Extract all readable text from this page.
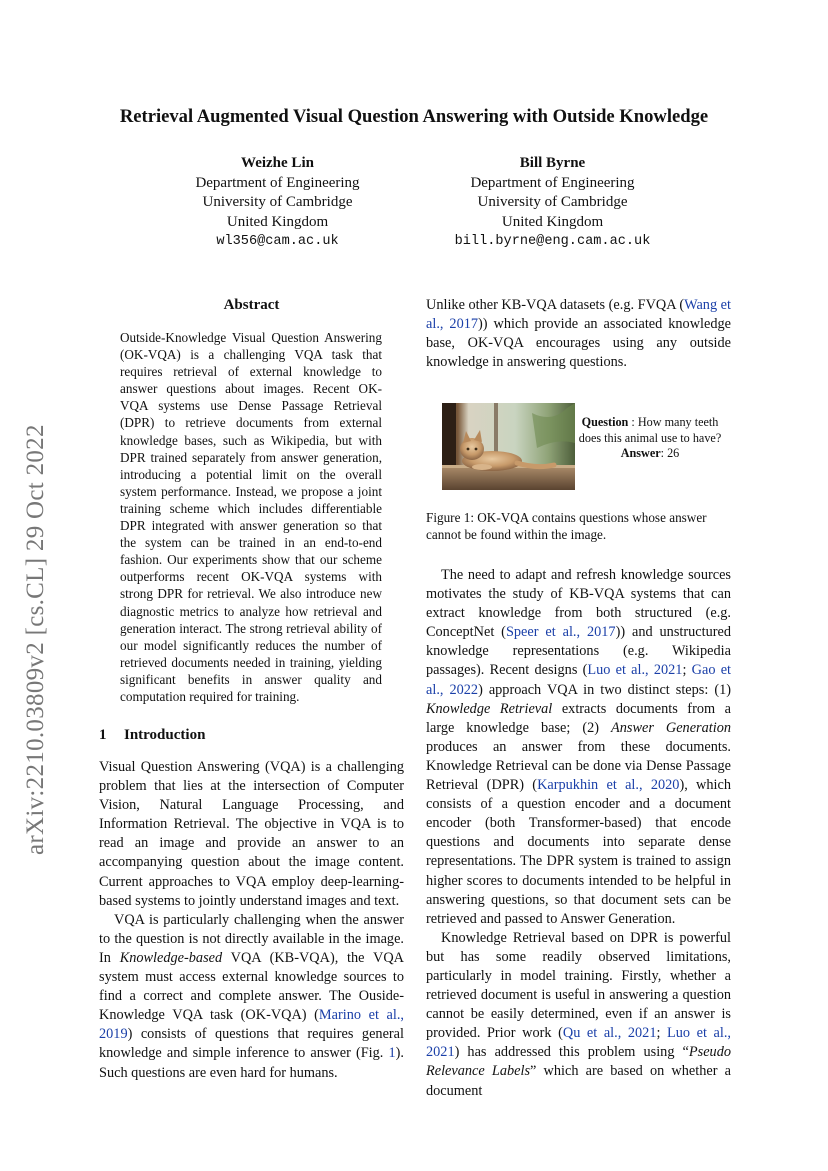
Retrieval Augmented Visual Question Answering with Outside Knowledge
Weizhe Lin
Department of Engineering
University of Cambridge
United Kingdom
wl356@cam.ac.uk
Bill Byrne
Department of Engineering
University of Cambridge
United Kingdom
bill.byrne@eng.cam.ac.uk
arXiv:2210.03809v2 [cs.CL] 29 Oct 2022
Abstract
Outside-Knowledge Visual Question Answering (OK-VQA) is a challenging VQA task that requires retrieval of external knowledge to answer questions about images. Recent OK-VQA systems use Dense Passage Retrieval (DPR) to retrieve documents from external knowledge bases, such as Wikipedia, but with DPR trained separately from answer generation, introducing a potential limit on the overall system performance. Instead, we propose a joint training scheme which includes differentiable DPR integrated with answer generation so that the system can be trained in an end-to-end fashion. Our experiments show that our scheme outperforms recent OK-VQA systems with strong DPR for retrieval. We also introduce new diagnostic metrics to analyze how retrieval and generation interact. The strong retrieval ability of our model significantly reduces the number of retrieved documents needed in training, yielding significant benefits in answer quality and computation required for training.
1 Introduction

Visual Question Answering (VQA) is a challenging problem that lies at the intersection of Computer Vision, Natural Language Processing, and Information Retrieval. The objective in VQA is to read an image and provide an answer to an accompanying question about the image content. Current approaches to VQA employ deep-learning-based systems to jointly understand images and text.

VQA is particularly challenging when the answer to the question is not directly available in the image. In Knowledge-based VQA (KB-VQA), the VQA system must access external knowledge sources to find a correct and complete answer. The Ouside-Knowledge VQA task (OK-VQA) (Marino et al., 2019) consists of questions that requires general knowledge and simple inference to answer (Fig. 1). Such questions are even hard for humans.

Unlike other KB-VQA datasets (e.g. FVQA (Wang et al., 2017)) which provide an associated knowledge base, OK-VQA encourages using any outside knowledge in answering questions.

Question : How many teeth does this animal use to have?
Answer: 26
Figure 1: OK-VQA contains questions whose answer cannot be found within the image.

The need to adapt and refresh knowledge sources motivates the study of KB-VQA systems that can extract knowledge from both structured (e.g. ConceptNet (Speer et al., 2017)) and unstructured knowledge representations (e.g. Wikipedia passages). Recent designs (Luo et al., 2021; Gao et al., 2022) approach VQA in two distinct steps: (1) Knowledge Retrieval extracts documents from a large knowledge base; (2) Answer Generation produces an answer from these documents. Knowledge Retrieval can be done via Dense Passage Retrieval (DPR) (Karpukhin et al., 2020), which consists of a question encoder and a document encoder (both Transformer-based) that encode questions and documents into separate dense representations. The DPR system is trained to assign higher scores to documents intended to be helpful in answering questions, so that document sets can be retrieved and passed to Answer Generation.

Knowledge Retrieval based on DPR is powerful but has some readily observed limitations, particularly in model training. Firstly, whether a retrieved document is useful in answering a question cannot be easily determined, even if an answer is provided. Prior work (Qu et al., 2021; Luo et al., 2021) has addressed this problem using “Pseudo Relevance Labels” which are based on whether a document
